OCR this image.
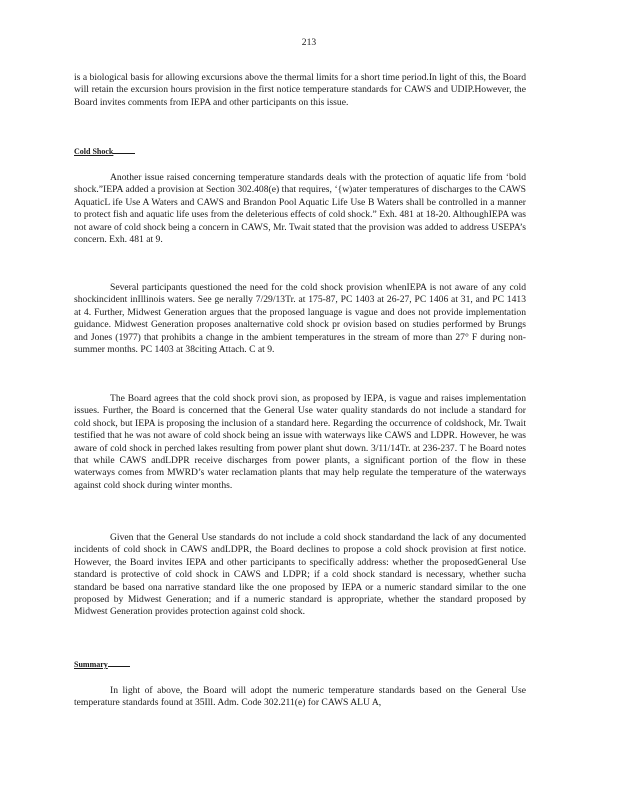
213

is a biological basis for allowing excursions above the thermal limits for a short time period.In light of this, the Board will retain the excursion hours provision in the first notice temperature standards for CAWS and UDIP.However, the Board invites comments from IEPA and other participants on this issue.

Cold Shock

Another issue raised concerning temperature standards deals with the protection of aquatic life from ‘bold shock.”IEPA added a provision at Section 302.408(e) that requires, ‘{w)ater temperatures of discharges to the CAWS AquaticL ife Use A Waters and CAWS and Brandon Pool Aquatic Life Use B Waters shall be controlled in a manner to protect fish and aquatic life uses from the deleterious effects of cold shock.” Exh. 481 at 18-20. AlthoughIEPA was not aware of cold shock being a concern in CAWS, Mr. Twait stated that the provision was added to address USEPA’s concern. Exh. 481 at 9.

Several participants questioned the need for the cold shock provision whenIEPA is not aware of any cold shockincident inIllinois waters. See ge nerally 7/29/13Tr. at 175-87, PC 1403 at 26-27, PC 1406 at 31, and PC 1413 at 4. Further, Midwest Generation argues that the proposed language is vague and does not provide implementation guidance. Midwest Generation proposes analternative cold shock pr ovision based on studies performed by Brungs and Jones (1977) that prohibits a change in the ambient temperatures in the stream of more than 27° F during non-summer months. PC 1403 at 38citing Attach. C at 9.

The Board agrees that the cold shock provi sion, as proposed by IEPA, is vague and raises implementation issues. Further, the Board is concerned that the General Use water quality standards do not include a standard for cold shock, but IEPA is proposing the inclusion of a standard here. Regarding the occurrence of coldshock, Mr. Twait testified that he was not aware of cold shock being an issue with waterways like CAWS and LDPR. However, he was aware of cold shock in perched lakes resulting from power plant shut down. 3/11/14Tr. at 236-237. T he Board notes that while CAWS andLDPR receive discharges from power plants, a significant portion of the flow in these waterways comes from MWRD’s water reclamation plants that may help regulate the temperature of the waterways against cold shock during winter months.

Given that the General Use standards do not include a cold shock standardand the lack of any documented incidents of cold shock in CAWS andLDPR, the Board declines to propose a cold shock provision at first notice. However, the Board invites IEPA and other participants to specifically address: whether the proposedGeneral Use standard is protective of cold shock in CAWS and LDPR; if a cold shock standard is necessary, whether sucha standard be based ona narrative standard like the one proposed by IEPA or a numeric standard similar to the one proposed by Midwest Generation; and if a numeric standard is appropriate, whether the standard proposed by Midwest Generation provides protection against cold shock.

Summary

In light of above, the Board will adopt the numeric temperature standards based on the General Use temperature standards found at 35Ill. Adm. Code 302.211(e) for CAWS ALU A,
